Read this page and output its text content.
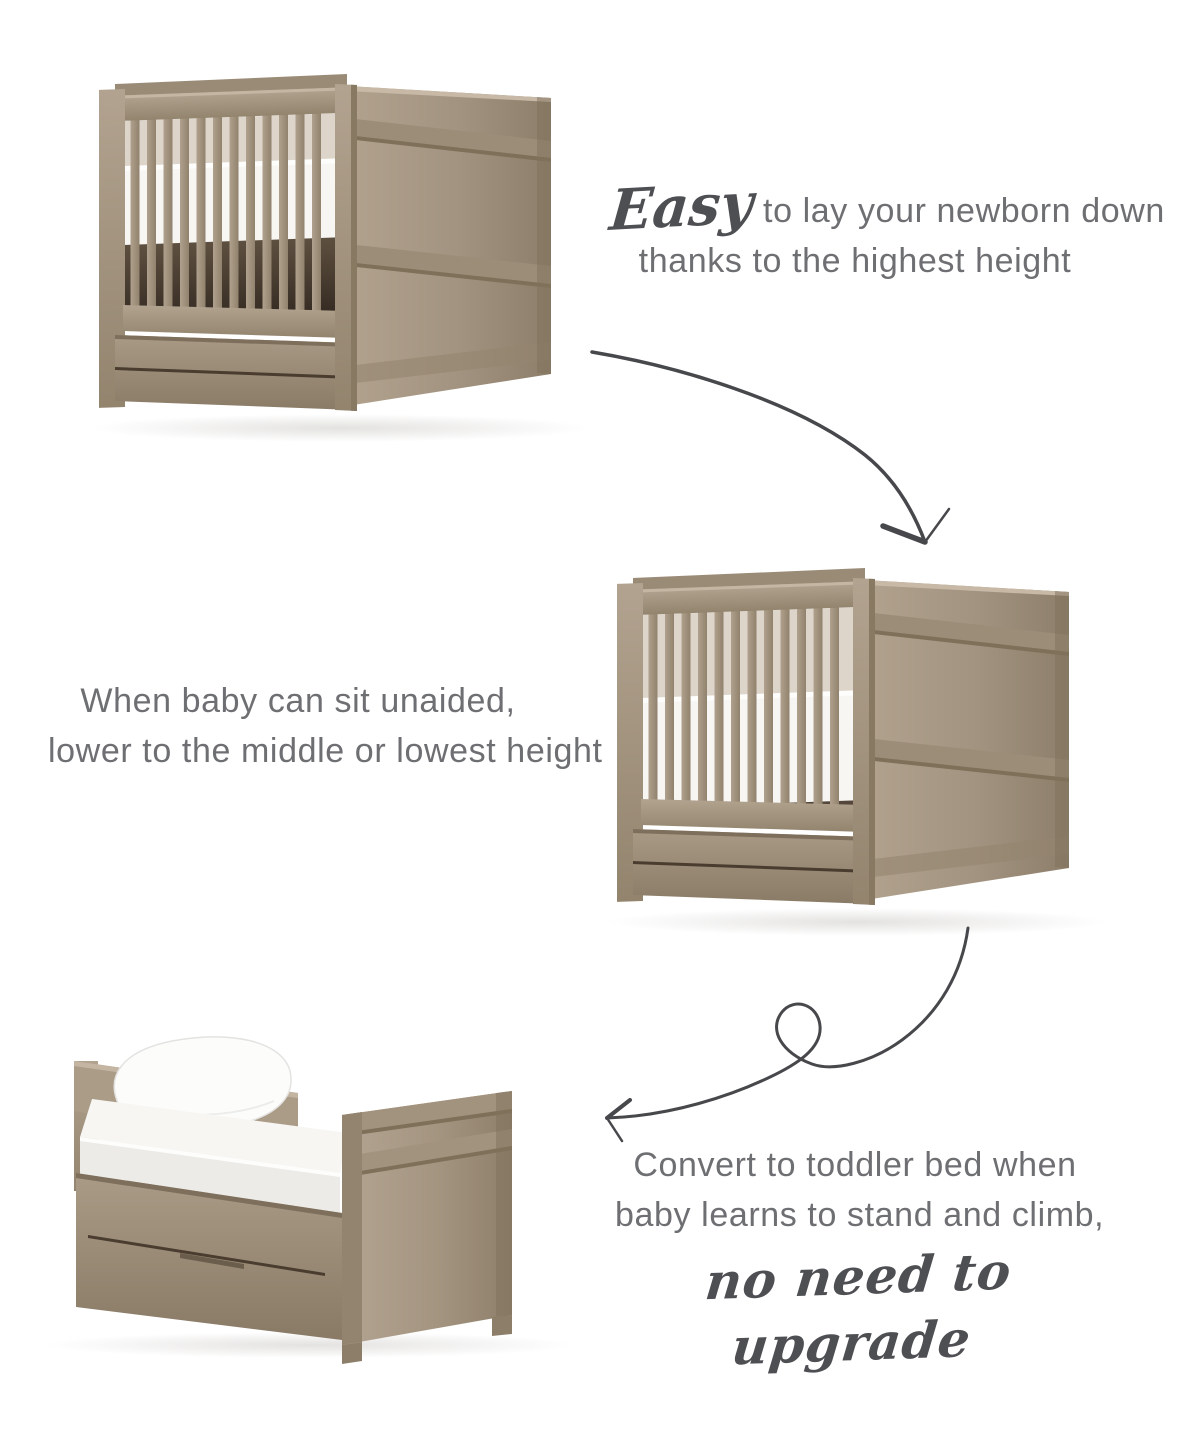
Easy to lay your newborn down
thanks to the highest height
When baby can sit unaided,
lower to the middle or lowest height
Convert to toddler bed when
baby learns to stand and climb,
no need to upgrade
